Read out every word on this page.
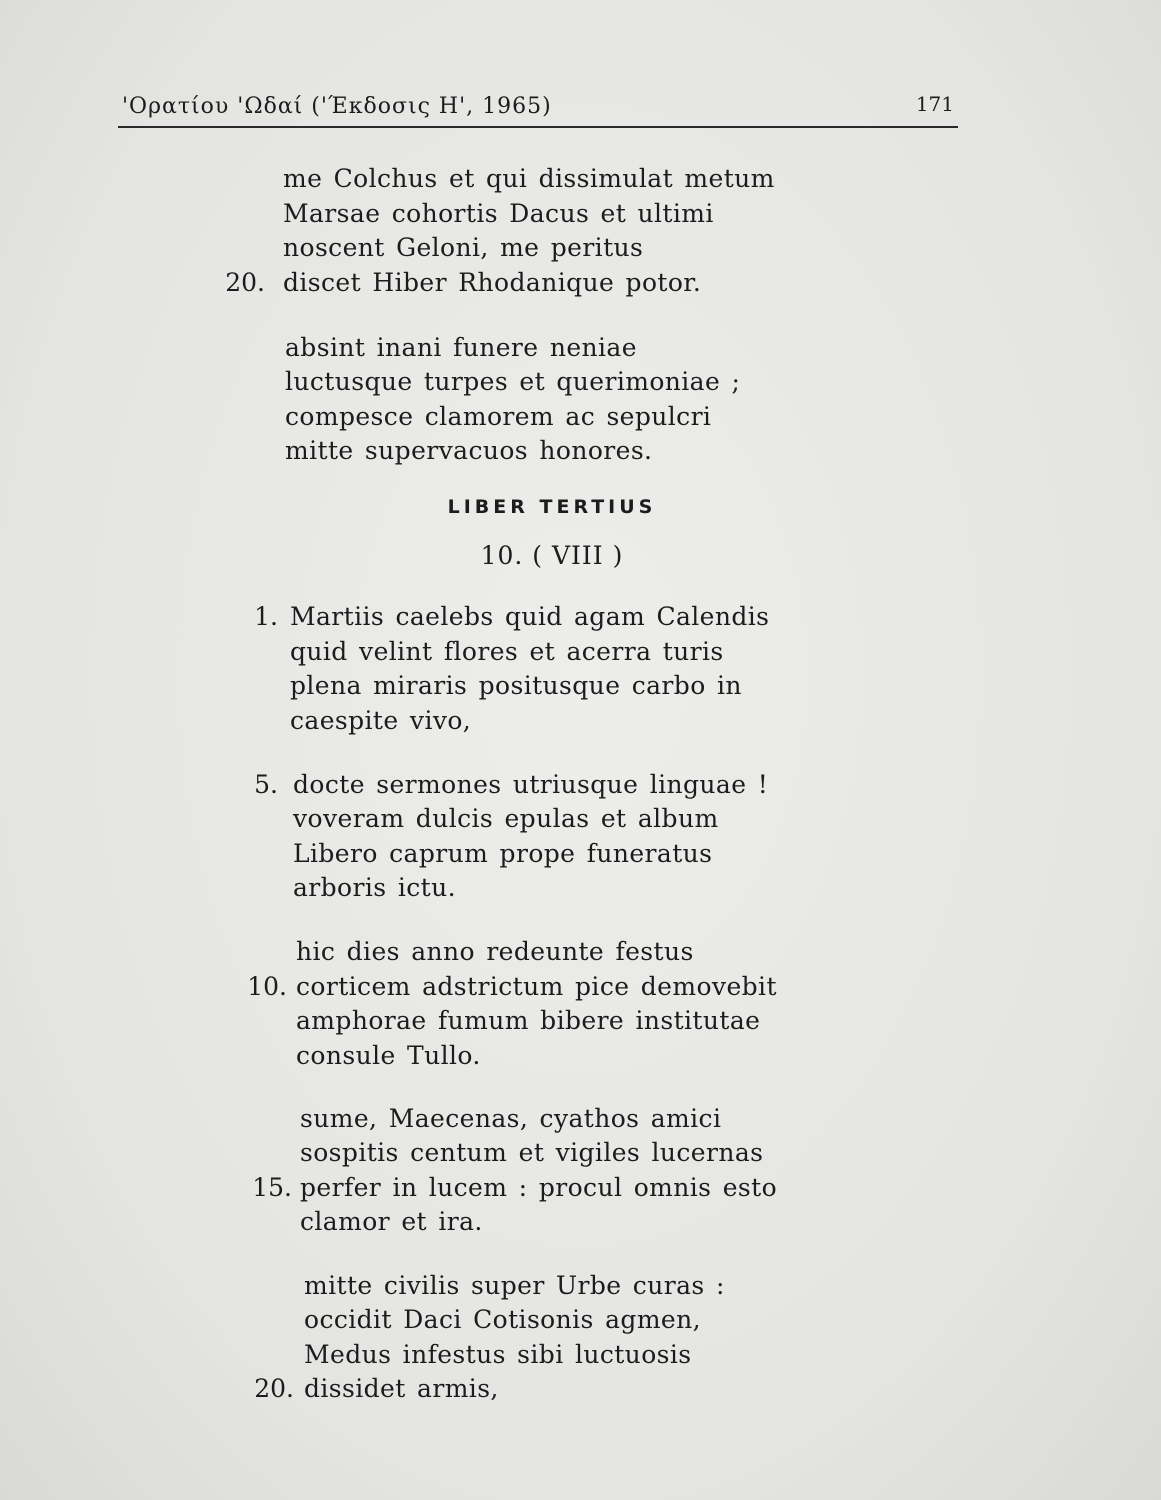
'Ορατίου 'Ωδαί ('Έκδοσις Η', 1965)	171
me Colchus et qui dissimulat metum
Marsae cohortis Dacus et ultimi
noscent Geloni, me peritus
20. discet Hiber Rhodanique potor.
absint inani funere neniae
luctusque turpes et querimoniae ;
compesce clamorem ac sepulcri
mitte supervacuos honores.
LIBER TERTIUS
10. ( VIII )
1. Martiis caelebs quid agam Calendis
quid velint flores et acerra turis
plena miraris positusque carbo in
caespite vivo,
5. docte sermones utriusque linguae !
voveram dulcis epulas et album
Libero caprum prope funeratus
arboris ictu.
hic dies anno redeunte festus
10. corticem adstrictum pice demovebit
amphorae fumum bibere institutae
consule Tullo.
sume, Maecenas, cyathos amici
sospitis centum et vigiles lucernas
15. perfer in lucem : procul omnis esto
clamor et ira.
mitte civilis super Urbe curas :
occidit Daci Cotisonis agmen,
Medus infestus sibi luctuosis
20. dissidet armis,
